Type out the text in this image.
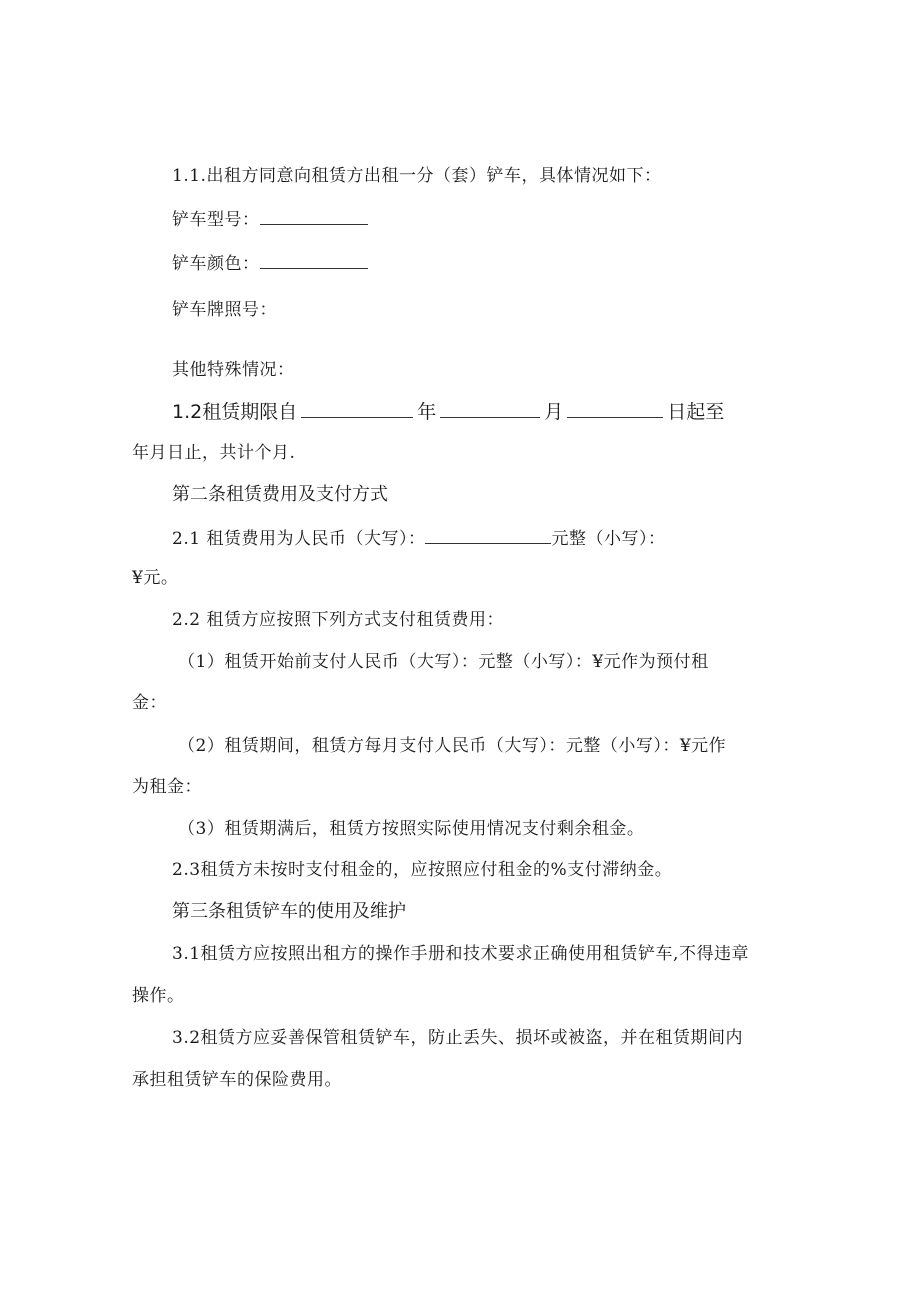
1.1.出租方同意向租赁方出租一分（套）铲车，具体情况如下：
铲车型号：
铲车颜色：
铲车牌照号：
其他特殊情况：
1.2租赁期限自	年	月	日起至
年月日止，共计个月.
第二条租赁费用及支付方式
2.1 租赁费用为人民币（大写）：	元整（小写）：
¥元。
2.2 租赁方应按照下列方式支付租赁费用：
（1）租赁开始前支付人民币（大写）：元整（小写）：¥元作为预付租
金：
（2）租赁期间，租赁方每月支付人民币（大写）：元整（小写）：¥元作
为租金：
（3）租赁期满后，租赁方按照实际使用情况支付剩余租金。
2.3租赁方未按时支付租金的，应按照应付租金的%支付滞纳金。
第三条租赁铲车的使用及维护
3.1租赁方应按照出租方的操作手册和技术要求正确使用租赁铲车,不得违章
操作。
3.2租赁方应妥善保管租赁铲车，防止丢失、损坏或被盗，并在租赁期间内
承担租赁铲车的保险费用。
